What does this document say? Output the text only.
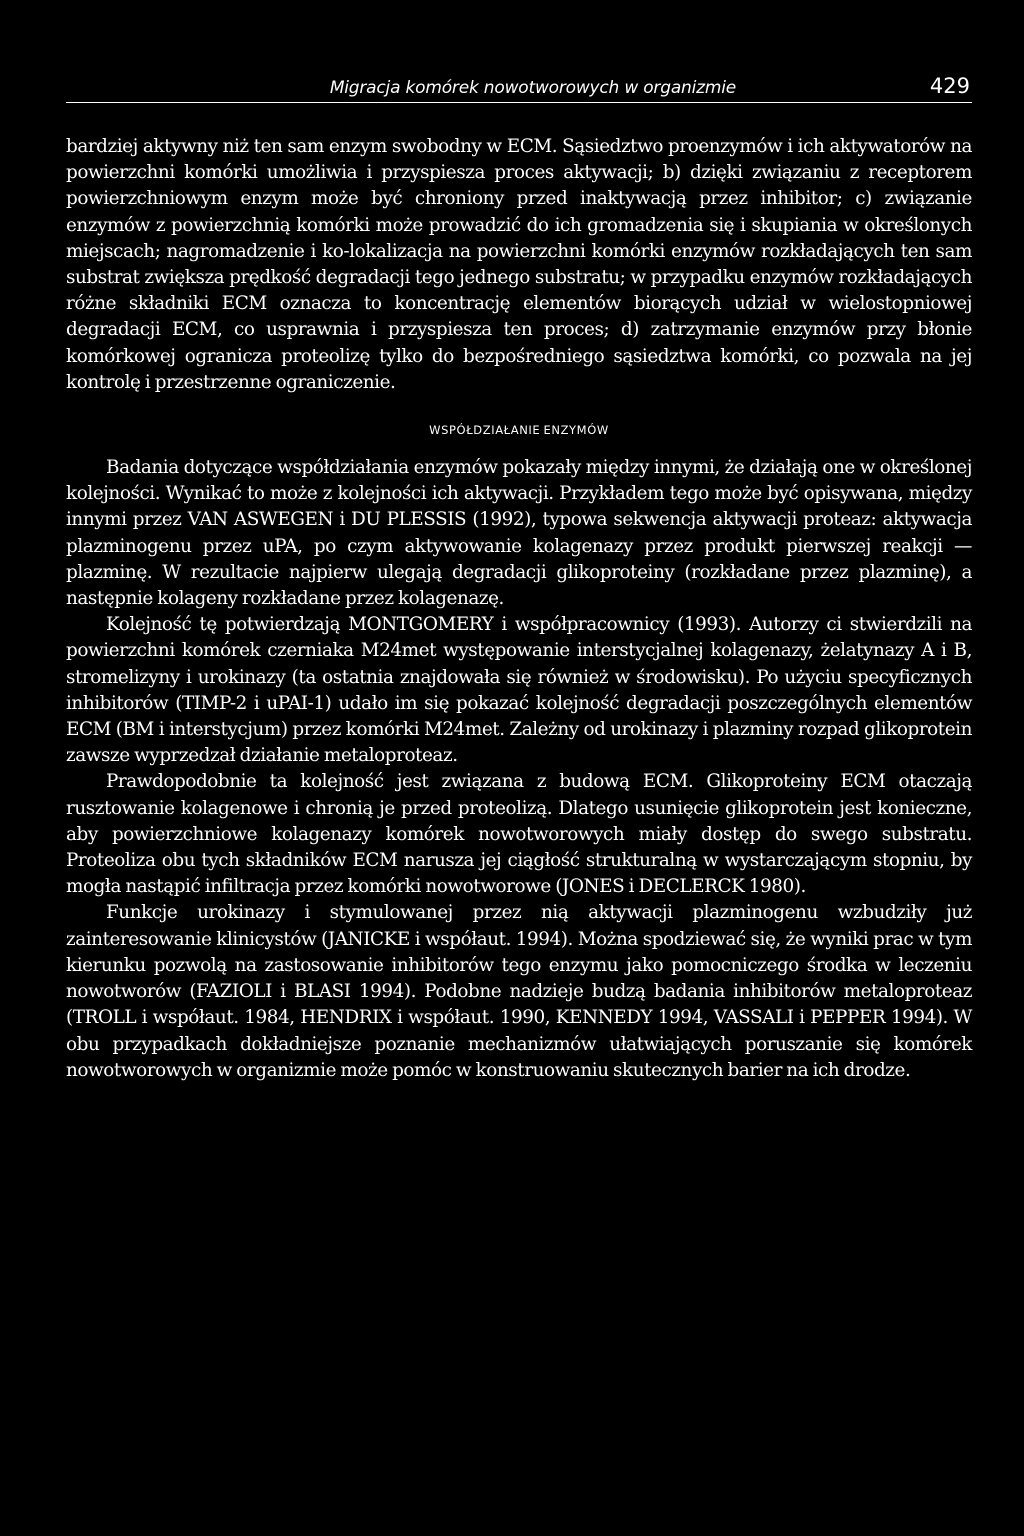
Migracja komórek nowotworowych w organizmie	429

bardziej aktywny niż ten sam enzym swobodny w ECM. Sąsiedztwo proenzymów i ich aktywatorów na powierzchni komórki umożliwia i przyspiesza proces aktywacji; b) dzięki związaniu z receptorem powierzchniowym enzym może być chroniony przed inaktywacją przez inhibitor; c) związanie enzymów z powierzchnią komórki może prowadzić do ich gromadzenia się i skupiania w określonych miejscach; nagromadzenie i ko-lokalizacja na powierzchni komórki enzymów rozkładających ten sam substrat zwiększa prędkość degradacji tego jednego substratu; w przypadku enzymów rozkładających różne składniki ECM oznacza to koncentrację elementów biorących udział w wielostopniowej degradacji ECM, co usprawnia i przyspiesza ten proces; d) zatrzymanie enzymów przy błonie komórkowej ogranicza proteolizę tylko do bezpośredniego sąsiedztwa komórki, co pozwala na jej kontrolę i przestrzenne ograniczenie.

WSPÓŁDZIAŁANIE ENZYMÓW

Badania dotyczące współdziałania enzymów pokazały między innymi, że działają one w określonej kolejności. Wynikać to może z kolejności ich aktywacji. Przykładem tego może być opisywana, między innymi przez VAN ASWEGEN i DU PLESSIS (1992), typowa sekwencja aktywacji proteaz: aktywacja plazminogenu przez uPA, po czym aktywowanie kolagenazy przez produkt pierwszej reakcji — plazminę. W rezultacie najpierw ulegają degradacji glikoproteiny (rozkładane przez plazminę), a następnie kolageny rozkładane przez kolagenazę.

Kolejność tę potwierdzają MONTGOMERY i współpracownicy (1993). Autorzy ci stwierdzili na powierzchni komórek czerniaka M24met występowanie interstycjalnej kolagenazy, żelatynazy A i B, stromelizyny i urokinazy (ta ostatnia znajdowała się również w środowisku). Po użyciu specyficznych inhibitorów (TIMP-2 i uPAI-1) udało im się pokazać kolejność degradacji poszczególnych elementów ECM (BM i interstycjum) przez komórki M24met. Zależny od urokinazy i plazminy rozpad glikoprotein zawsze wyprzedzał działanie metaloproteaz.

Prawdopodobnie ta kolejność jest związana z budową ECM. Glikoproteiny ECM otaczają rusztowanie kolagenowe i chronią je przed proteolizą. Dlatego usunięcie glikoprotein jest konieczne, aby powierzchniowe kolagenazy komórek nowotworowych miały dostęp do swego substratu. Proteoliza obu tych składników ECM narusza jej ciągłość strukturalną w wystarczającym stopniu, by mogła nastąpić infiltracja przez komórki nowotworowe (JONES i DECLERCK 1980).

Funkcje urokinazy i stymulowanej przez nią aktywacji plazminogenu wzbudziły już zainteresowanie klinicystów (JANICKE i współaut. 1994). Można spodziewać się, że wyniki prac w tym kierunku pozwolą na zastosowanie inhibitorów tego enzymu jako pomocniczego środka w leczeniu nowotworów (FAZIOLI i BLASI 1994). Podobne nadzieje budzą badania inhibitorów metaloproteaz (TROLL i współaut. 1984, HENDRIX i współaut. 1990, KENNEDY 1994, VASSALI i PEPPER 1994). W obu przypadkach dokładniejsze poznanie mechanizmów ułatwiających poruszanie się komórek nowotworowych w organizmie może pomóc w konstruowaniu skutecznych barier na ich drodze.
